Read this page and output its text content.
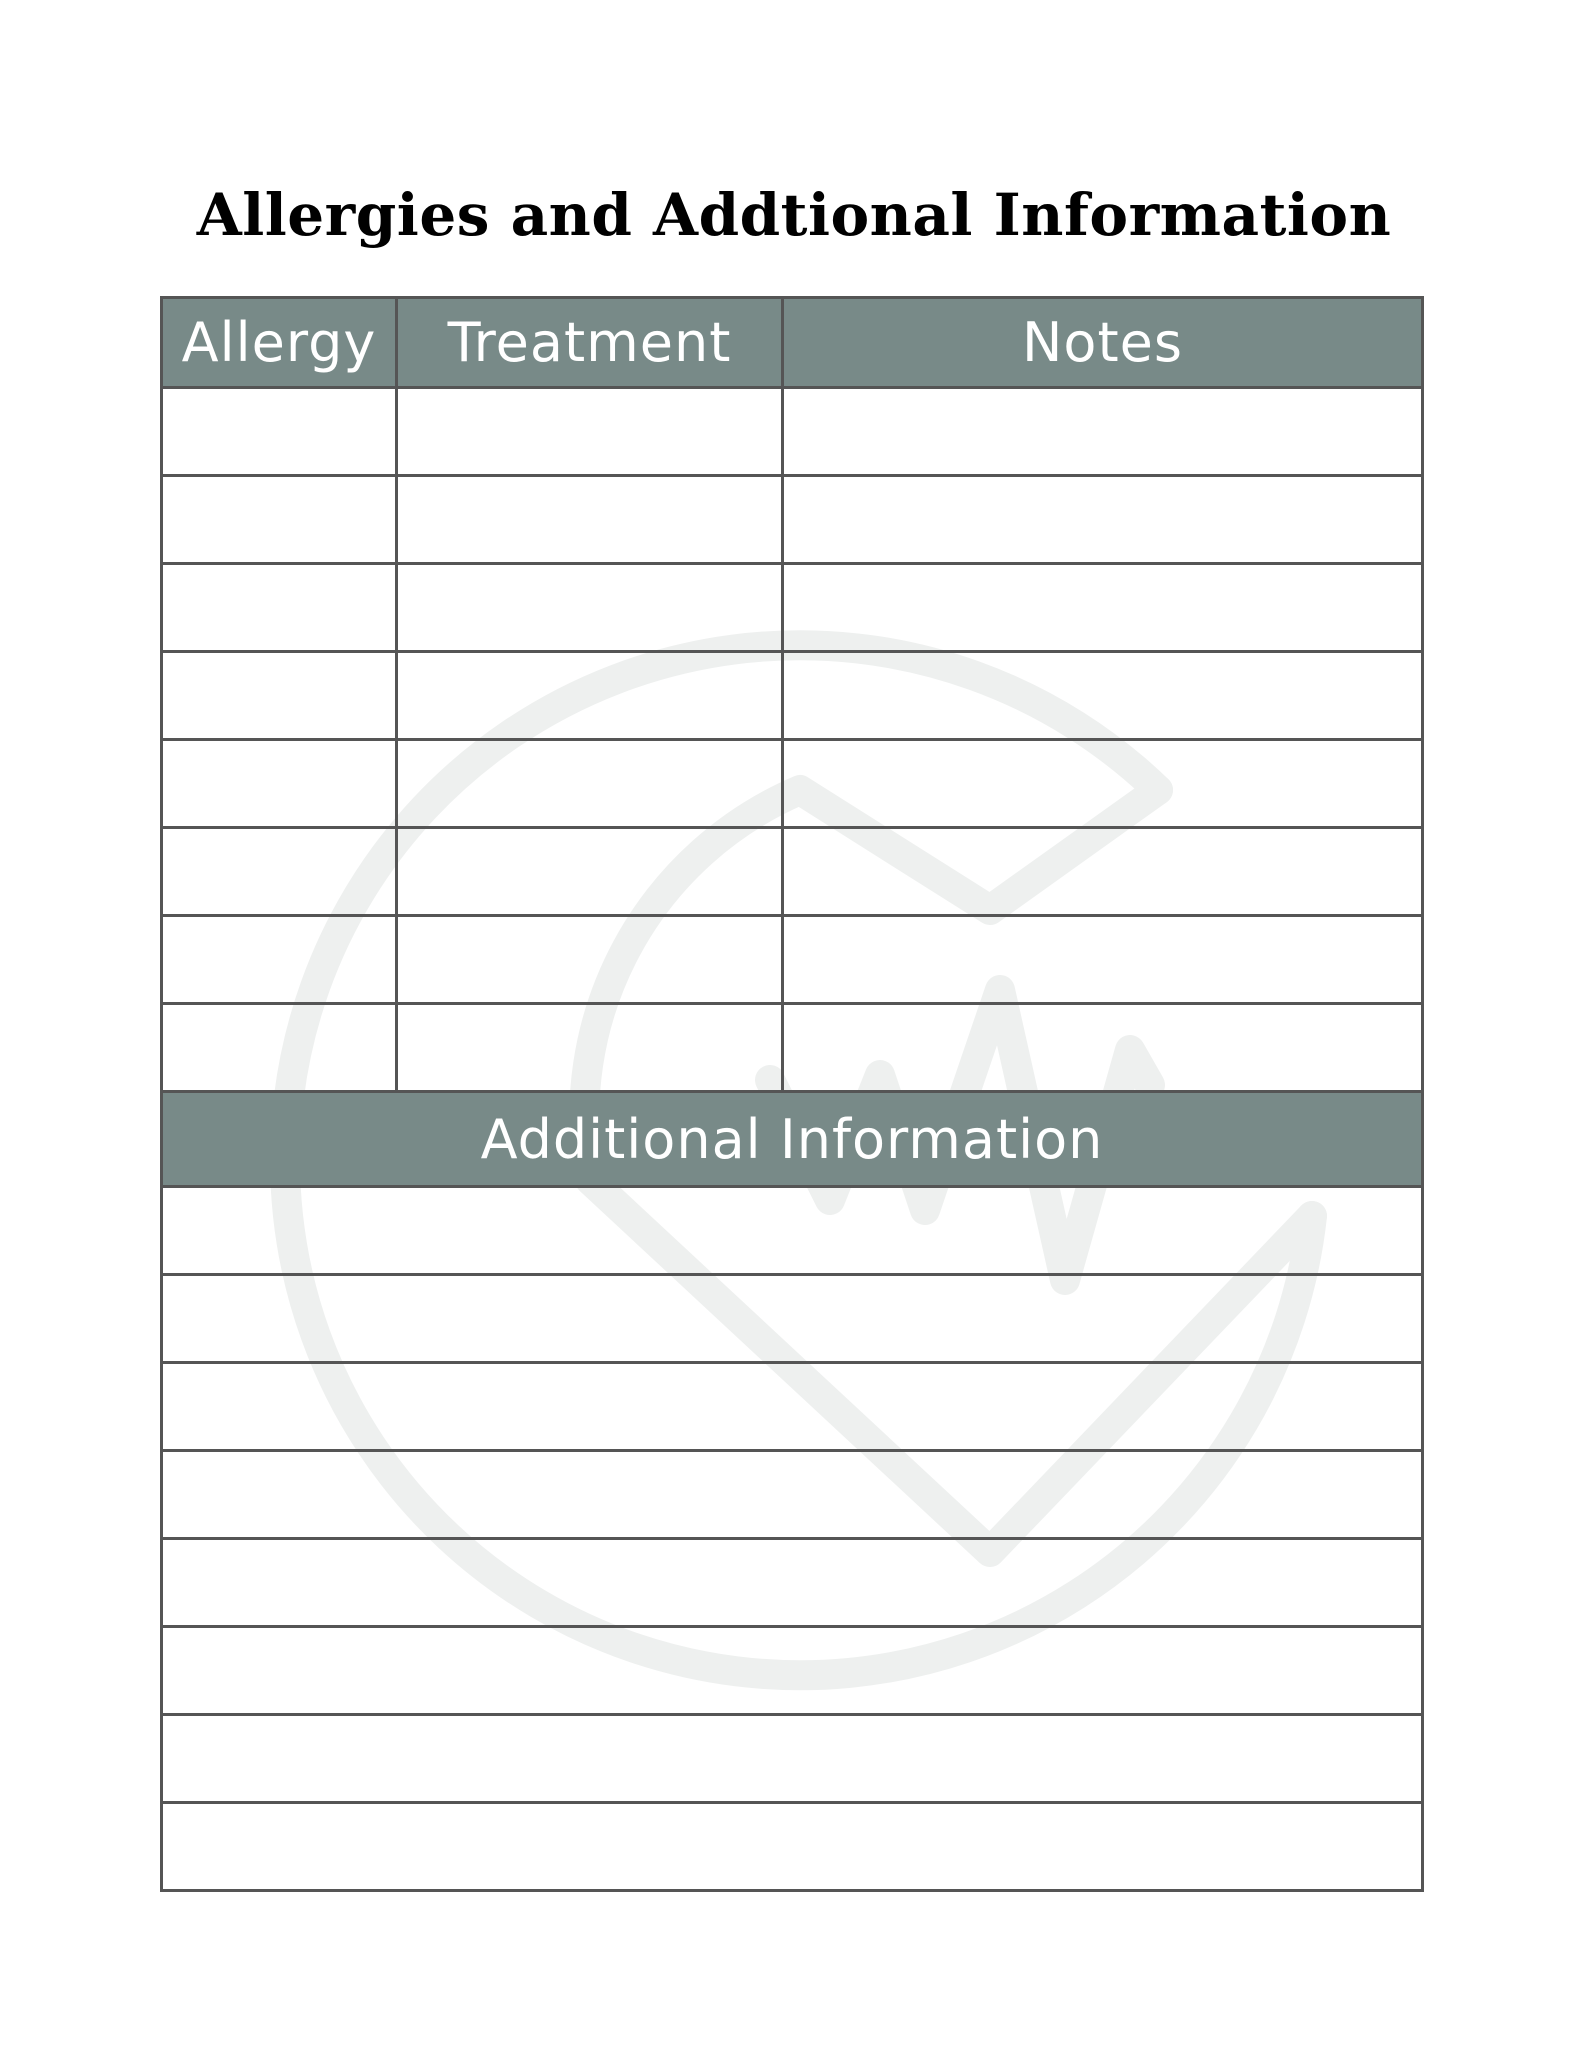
Allergies and Addtional Information
Allergy	Treatment	Notes
Additional Information
